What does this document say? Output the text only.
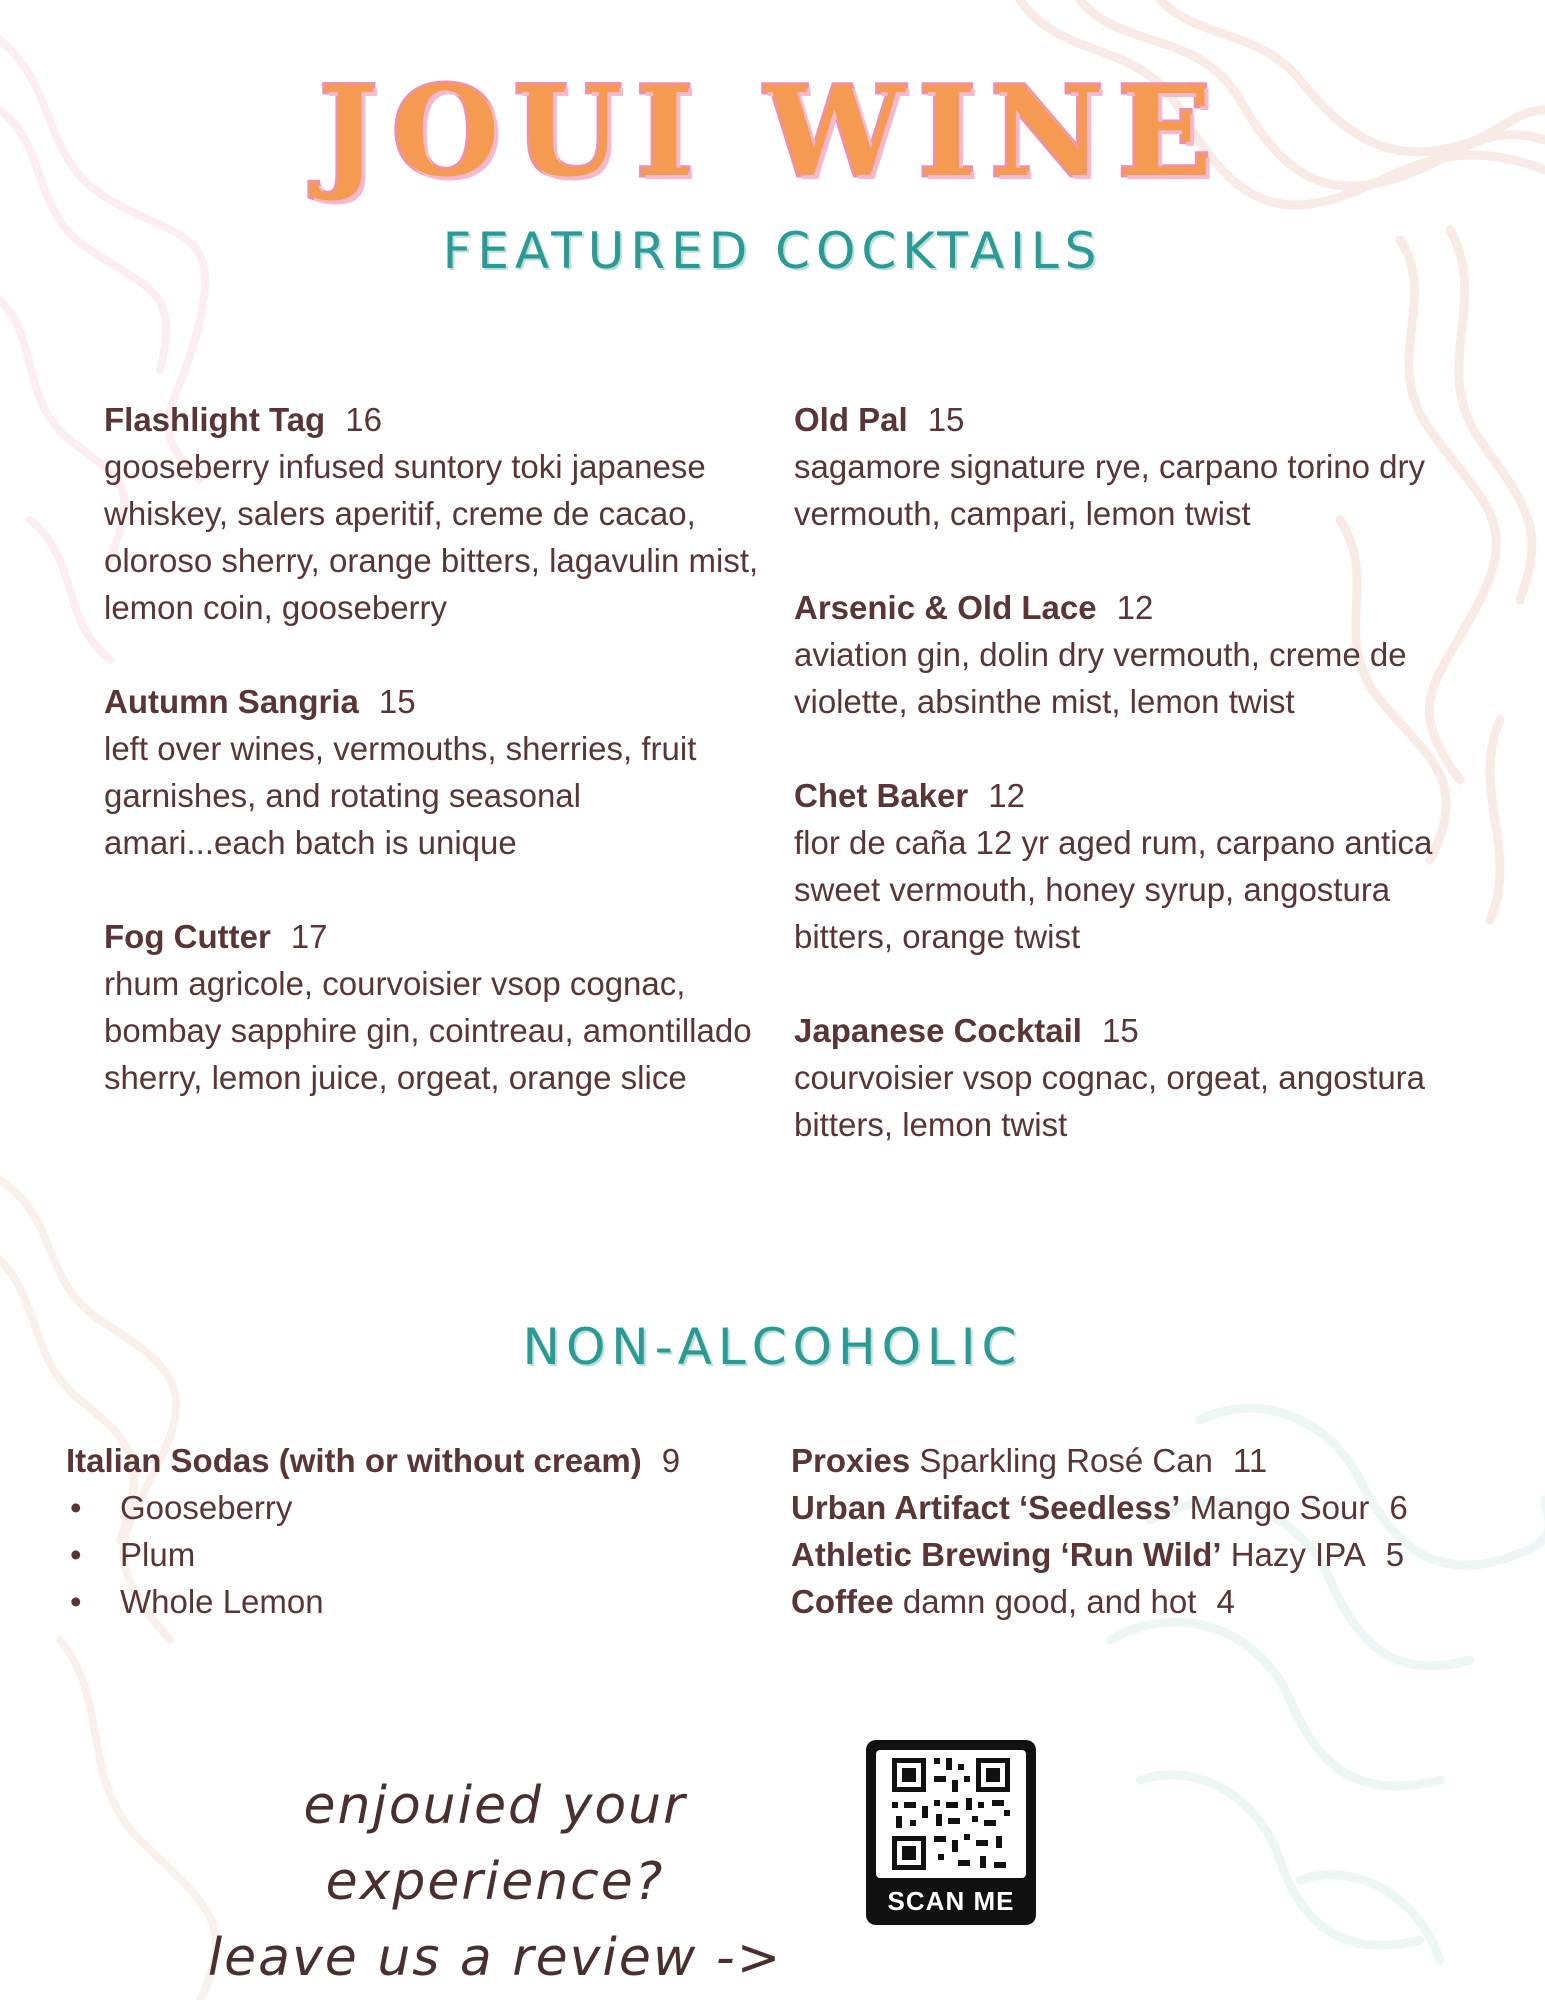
JOUI WINE
FEATURED COCKTAILS
Flashlight Tag 16
gooseberry infused suntory toki japanese whiskey, salers aperitif, creme de cacao, oloroso sherry, orange bitters, lagavulin mist, lemon coin, gooseberry
Autumn Sangria 15
left over wines, vermouths, sherries, fruit garnishes, and rotating seasonal amari...each batch is unique
Fog Cutter 17
rhum agricole, courvoisier vsop cognac, bombay sapphire gin, cointreau, amontillado sherry, lemon juice, orgeat, orange slice
Old Pal 15
sagamore signature rye, carpano torino dry vermouth, campari, lemon twist
Arsenic & Old Lace 12
aviation gin, dolin dry vermouth, creme de violette, absinthe mist, lemon twist
Chet Baker 12
flor de caña 12 yr aged rum, carpano antica sweet vermouth, honey syrup, angostura bitters, orange twist
Japanese Cocktail 15
courvoisier vsop cognac, orgeat, angostura bitters, lemon twist
NON-ALCOHOLIC
Italian Sodas (with or without cream) 9
• Gooseberry
• Plum
• Whole Lemon
Proxies Sparkling Rosé Can 11
Urban Artifact ‘Seedless’ Mango Sour 6
Athletic Brewing ‘Run Wild’ Hazy IPA 5
Coffee damn good, and hot 4
enjouied your experience?
leave us a review ->
SCAN ME
